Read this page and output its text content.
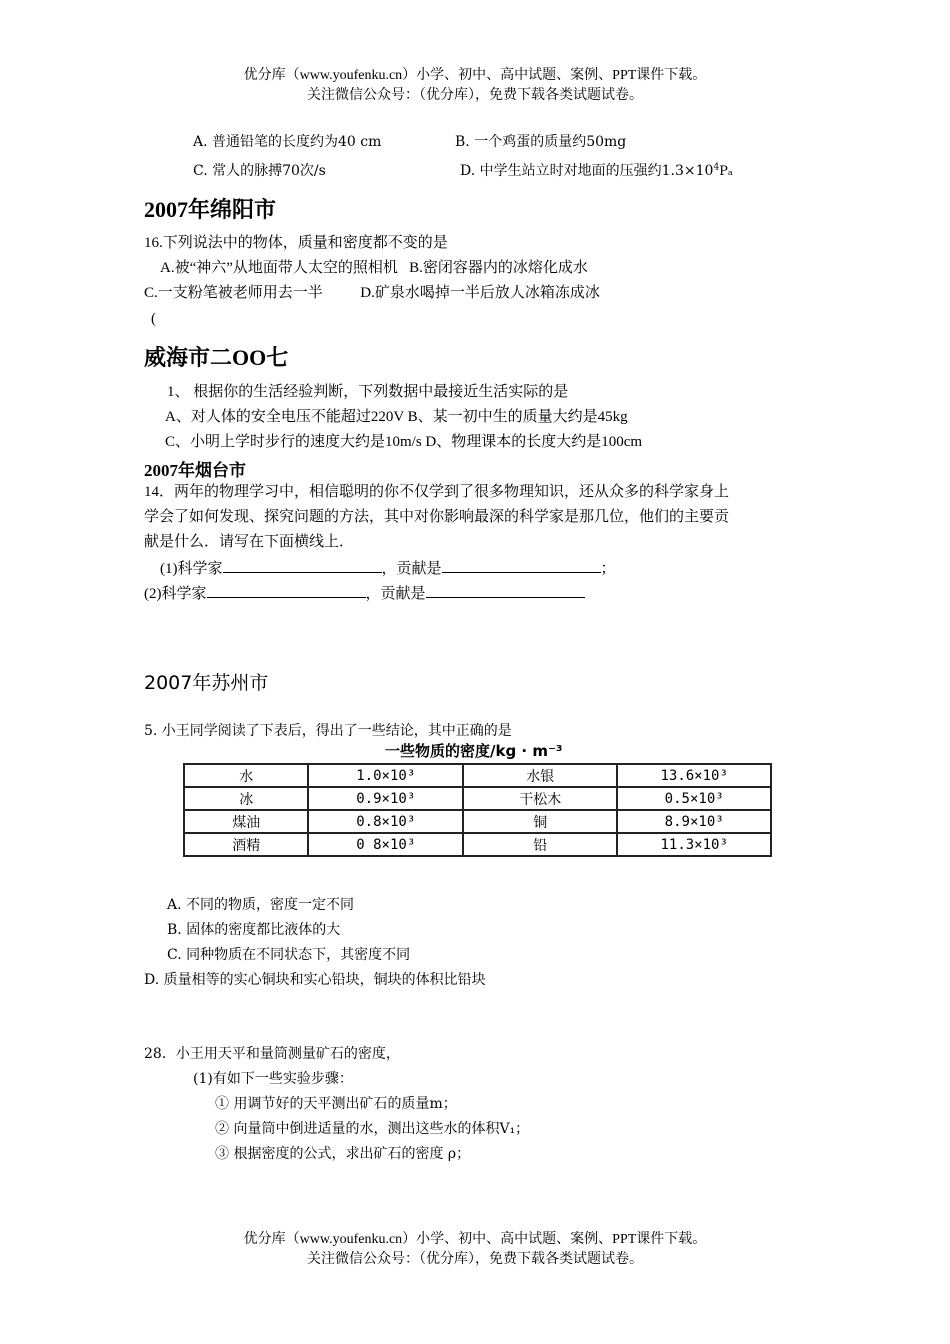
优分库（www.youfenku.cn）小学、初中、高中试题、案例、PPT课件下载。
关注微信公众号：（优分库），免费下载各类试题试卷。
A. 普通铅笔的长度约为40 cm	B. 一个鸡蛋的质量约50mg
C. 常人的脉搏70次/s	D. 中学生站立时对地面的压强约$1.3\times 10^4P_a$
2007年绵阳市
16.下列说法中的物体，质量和密度都不变的是
A.被“神六”从地面带人太空的照相机   B.密闭容器内的冰熔化成水
C.一支粉笔被老师用去一半          D.矿泉水喝掉一半后放人冰箱冻成冰
(
威海市二OO七
1、 根据你的生活经验判断，下列数据中最接近生活实际的是
A、对人体的安全电压不能超过220V B、某一初中生的质量大约是45kg
C、小明上学时步行的速度大约是10m/s D、物理课本的长度大约是100cm
2007年烟台市
14．两年的物理学习中，相信聪明的你不仅学到了很多物理知识，还从众多的科学家身上
学会了如何发现、探究问题的方法，其中对你影响最深的科学家是那几位，他们的主要贡
献是什么．请写在下面横线上．
(1)科学家	，贡献是	；
(2)科学家	，贡献是
2007年苏州市
5. 小王同学阅读了下表后，得出了一些结论，其中正确的是
一些物质的密度/kg · m⁻³
水	1.0×10³	水银	13.6×10³
冰	0.9×10³	干松木	0.5×10³
煤油	0.8×10³	铜	8.9×10³
酒精	0 8×10³	铅	11.3×10³
A. 不同的物质，密度一定不同
B. 固体的密度都比液体的大
C. 同种物质在不同状态下，其密度不同
D. 质量相等的实心铜块和实心铅块，铜块的体积比铅块
28．小王用天平和量筒测量矿石的密度，
(1)有如下一些实验步骤：
① 用调节好的天平测出矿石的质量m；
② 向量筒中倒进适量的水，测出这些水的体积V₁；
③ 根据密度的公式，求出矿石的密度 ρ；
优分库（www.youfenku.cn）小学、初中、高中试题、案例、PPT课件下载。
关注微信公众号：（优分库），免费下载各类试题试卷。
